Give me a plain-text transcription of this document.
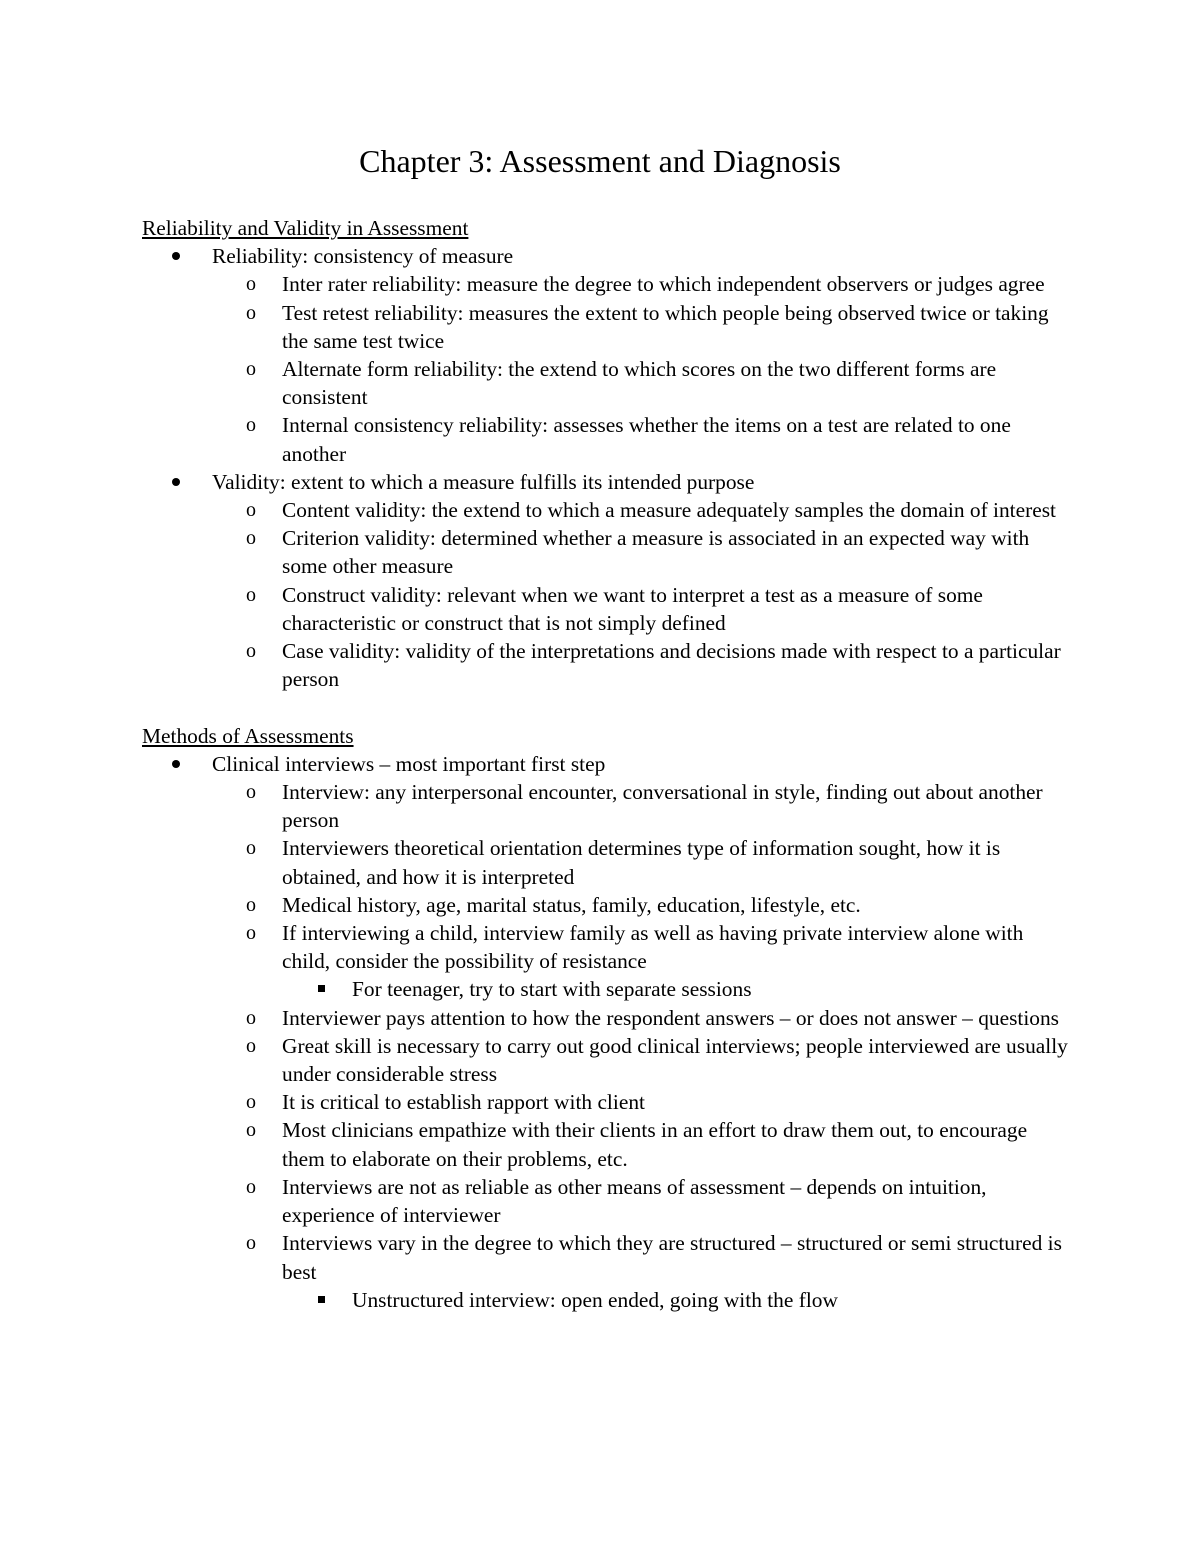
Chapter 3: Assessment and Diagnosis
Reliability and Validity in Assessment
Reliability: consistency of measure
o Inter rater reliability: measure the degree to which independent observers or judges agree
o Test retest reliability: measures the extent to which people being observed twice or taking the same test twice
o Alternate form reliability: the extend to which scores on the two different forms are consistent
o Internal consistency reliability: assesses whether the items on a test are related to one another
Validity: extent to which a measure fulfills its intended purpose
o Content validity: the extend to which a measure adequately samples the domain of interest
o Criterion validity: determined whether a measure is associated in an expected way with some other measure
o Construct validity: relevant when we want to interpret a test as a measure of some characteristic or construct that is not simply defined
o Case validity: validity of the interpretations and decisions made with respect to a particular person
Methods of Assessments
Clinical interviews – most important first step
o Interview: any interpersonal encounter, conversational in style, finding out about another person
o Interviewers theoretical orientation determines type of information sought, how it is obtained, and how it is interpreted
o Medical history, age, marital status, family, education, lifestyle, etc.
o If interviewing a child, interview family as well as having private interview alone with child, consider the possibility of resistance
For teenager, try to start with separate sessions
o Interviewer pays attention to how the respondent answers – or does not answer – questions
o Great skill is necessary to carry out good clinical interviews; people interviewed are usually under considerable stress
o It is critical to establish rapport with client
o Most clinicians empathize with their clients in an effort to draw them out, to encourage them to elaborate on their problems, etc.
o Interviews are not as reliable as other means of assessment – depends on intuition, experience of interviewer
o Interviews vary in the degree to which they are structured – structured or semi structured is best
Unstructured interview: open ended, going with the flow
